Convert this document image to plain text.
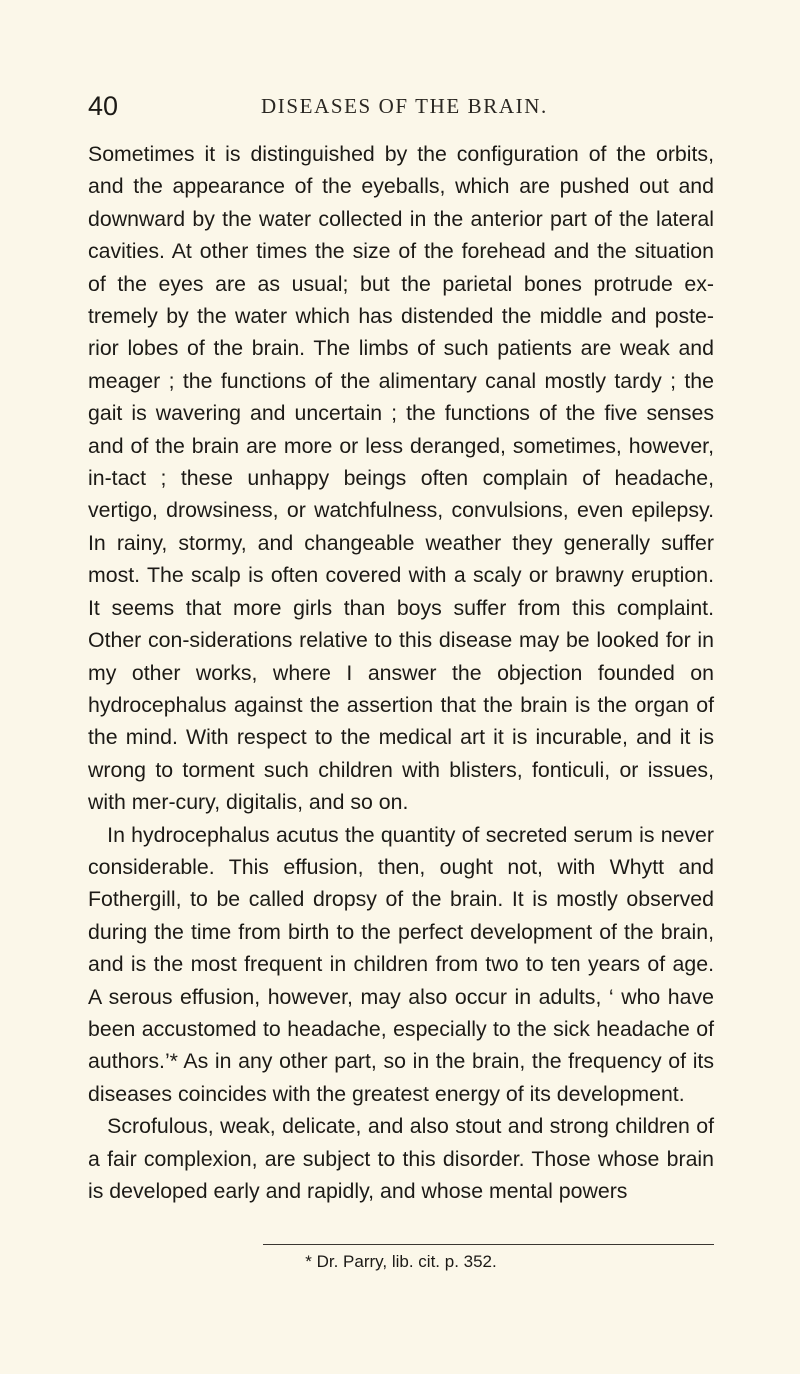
40	DISEASES OF THE BRAIN.

Sometimes it is distinguished by the configuration of the orbits, and the appearance of the eyeballs, which are pushed out and downward by the water collected in the anterior part of the lateral cavities. At other times the size of the forehead and the situation of the eyes are as usual; but the parietal bones protrude ex-tremely by the water which has distended the middle and poste-rior lobes of the brain. The limbs of such patients are weak and meager ; the functions of the alimentary canal mostly tardy ; the gait is wavering and uncertain ; the functions of the five senses and of the brain are more or less deranged, sometimes, however, in-tact ; these unhappy beings often complain of headache, vertigo, drowsiness, or watchfulness, convulsions, even epilepsy. In rainy, stormy, and changeable weather they generally suffer most. The scalp is often covered with a scaly or brawny eruption. It seems that more girls than boys suffer from this complaint. Other con-siderations relative to this disease may be looked for in my other works, where I answer the objection founded on hydrocephalus against the assertion that the brain is the organ of the mind. With respect to the medical art it is incurable, and it is wrong to torment such children with blisters, fonticuli, or issues, with mer-cury, digitalis, and so on.

In hydrocephalus acutus the quantity of secreted serum is never considerable. This effusion, then, ought not, with Whytt and Fothergill, to be called dropsy of the brain. It is mostly observed during the time from birth to the perfect development of the brain, and is the most frequent in children from two to ten years of age. A serous effusion, however, may also occur in adults, ‘ who have been accustomed to headache, especially to the sick headache of authors.’* As in any other part, so in the brain, the frequency of its diseases coincides with the greatest energy of its development.

Scrofulous, weak, delicate, and also stout and strong children of a fair complexion, are subject to this disorder. Those whose brain is developed early and rapidly, and whose mental powers

* Dr. Parry, lib. cit. p. 352.
